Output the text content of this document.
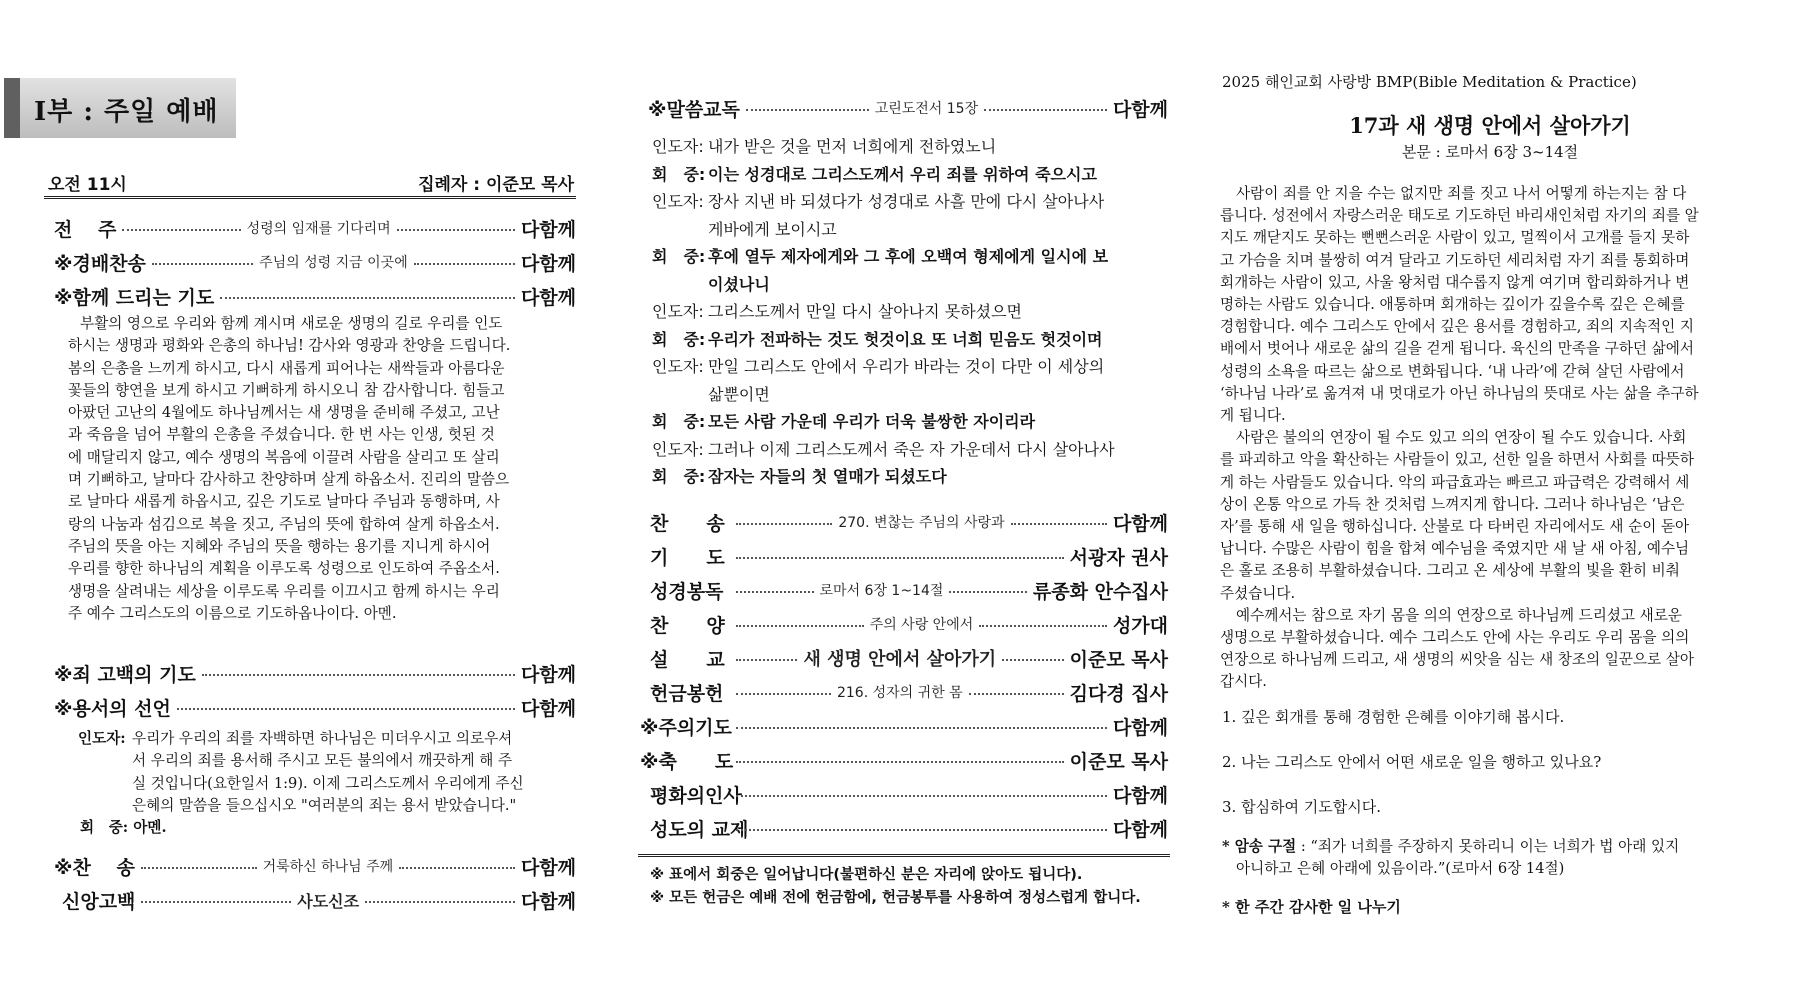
I부 : 주일 예배
오전 11시	집례자 : 이준모 목사
전　 주	성령의 임재를 기다리며	다함께
※경배찬송	주님의 성령 지금 이곳에	다함께
※함께 드리는 기도	다함께
부활의 영으로 우리와 함께 계시며 새로운 생명의 길로 우리를 인도
하시는 생명과 평화와 은총의 하나님! 감사와 영광과 찬양을 드립니다.
봄의 은총을 느끼게 하시고, 다시 새롭게 피어나는 새싹들과 아름다운
꽃들의 향연을 보게 하시고 기뻐하게 하시오니 참 감사합니다. 힘들고
아팠던 고난의 4월에도 하나님께서는 새 생명을 준비해 주셨고, 고난
과 죽음을 넘어 부활의 은총을 주셨습니다. 한 번 사는 인생, 헛된 것
에 매달리지 않고, 예수 생명의 복음에 이끌려 사람을 살리고 또 살리
며 기뻐하고, 날마다 감사하고 찬양하며 살게 하옵소서. 진리의 말씀으
로 날마다 새롭게 하옵시고, 깊은 기도로 날마다 주님과 동행하며, 사
랑의 나눔과 섬김으로 복을 짓고, 주님의 뜻에 합하여 살게 하옵소서.
주님의 뜻을 아는 지혜와 주님의 뜻을 행하는 용기를 지니게 하시어
우리를 향한 하나님의 계획을 이루도록 성령으로 인도하여 주옵소서.
생명을 살려내는 세상을 이루도록 우리를 이끄시고 함께 하시는 우리
주 예수 그리스도의 이름으로 기도하옵나이다. 아멘.
※죄 고백의 기도	다함께
※용서의 선언	다함께
인도자: 우리가 우리의 죄를 자백하면 하나님은 미더우시고 의로우셔
서 우리의 죄를 용서해 주시고 모든 불의에서 깨끗하게 해 주
실 것입니다(요한일서 1:9). 이제 그리스도께서 우리에게 주신
은혜의 말씀을 들으십시오 "여러분의 죄는 용서 받았습니다."
회　중: 아멘.
※찬　 송	거룩하신 하나님 주께	다함께
신앙고백	사도신조	다함께
※말씀교독	고린도전서 15장	다함께
인도자: 내가 받은 것을 먼저 너희에게 전하였노니
회　중: 이는 성경대로 그리스도께서 우리 죄를 위하여 죽으시고
인도자: 장사 지낸 바 되셨다가 성경대로 사흘 만에 다시 살아나사
게바에게 보이시고
회　중: 후에 열두 제자에게와 그 후에 오백여 형제에게 일시에 보
이셨나니
인도자: 그리스도께서 만일 다시 살아나지 못하셨으면
회　중: 우리가 전파하는 것도 헛것이요 또 너희 믿음도 헛것이며
인도자: 만일 그리스도 안에서 우리가 바라는 것이 다만 이 세상의
삶뿐이면
회　중: 모든 사람 가운데 우리가 더욱 불쌍한 자이리라
인도자: 그러나 이제 그리스도께서 죽은 자 가운데서 다시 살아나사
회　중: 잠자는 자들의 첫 열매가 되셨도다
찬　　송	270. 변찮는 주님의 사랑과	다함께
기　　도	서광자 권사
성경봉독	로마서 6장 1~14절	류종화 안수집사
찬　　양	주의 사랑 안에서	성가대
설　　교	새 생명 안에서 살아가기	이준모 목사
헌금봉헌	216. 성자의 귀한 몸	김다경 집사
※주의기도	다함께
※축　　도	이준모 목사
평화의인사	다함께
성도의 교제	다함께
※ 표에서 회중은 일어납니다(불편하신 분은 자리에 앉아도 됩니다).
※ 모든 헌금은 예배 전에 헌금함에, 헌금봉투를 사용하여 정성스럽게 합니다.
2025 해인교회 사랑방 BMP(Bible Meditation & Practice)
17과 새 생명 안에서 살아가기
본문 : 로마서 6장 3~14절
사람이 죄를 안 지을 수는 없지만 죄를 짓고 나서 어떻게 하는지는 참 다
릅니다. 성전에서 자랑스러운 태도로 기도하던 바리새인처럼 자기의 죄를 알
지도 깨닫지도 못하는 뻔뻔스러운 사람이 있고, 멀찍이서 고개를 들지 못하
고 가슴을 치며 불쌍히 여겨 달라고 기도하던 세리처럼 자기 죄를 통회하며
회개하는 사람이 있고, 사울 왕처럼 대수롭지 않게 여기며 합리화하거나 변
명하는 사람도 있습니다. 애통하며 회개하는 깊이가 깊을수록 깊은 은혜를
경험합니다. 예수 그리스도 안에서 깊은 용서를 경험하고, 죄의 지속적인 지
배에서 벗어나 새로운 삶의 길을 걷게 됩니다. 육신의 만족을 구하던 삶에서
성령의 소욕을 따르는 삶으로 변화됩니다. ‘내 나라’에 갇혀 살던 사람에서
‘하나님 나라’로 옮겨져 내 멋대로가 아닌 하나님의 뜻대로 사는 삶을 추구하
게 됩니다.
사람은 불의의 연장이 될 수도 있고 의의 연장이 될 수도 있습니다. 사회
를 파괴하고 악을 확산하는 사람들이 있고, 선한 일을 하면서 사회를 따뜻하
게 하는 사람들도 있습니다. 악의 파급효과는 빠르고 파급력은 강력해서 세
상이 온통 악으로 가득 찬 것처럼 느껴지게 합니다. 그러나 하나님은 ‘남은
자’를 통해 새 일을 행하십니다. 산불로 다 타버린 자리에서도 새 순이 돋아
납니다. 수많은 사람이 힘을 합쳐 예수님을 죽였지만 새 날 새 아침, 예수님
은 홀로 조용히 부활하셨습니다. 그리고 온 세상에 부활의 빛을 환히 비춰
주셨습니다.
예수께서는 참으로 자기 몸을 의의 연장으로 하나님께 드리셨고 새로운
생명으로 부활하셨습니다. 예수 그리스도 안에 사는 우리도 우리 몸을 의의
연장으로 하나님께 드리고, 새 생명의 씨앗을 심는 새 창조의 일꾼으로 살아
갑시다.
1. 깊은 회개를 통해 경험한 은혜를 이야기해 봅시다.
2. 나는 그리스도 안에서 어떤 새로운 일을 행하고 있나요?
3. 합심하여 기도합시다.
* 암송 구절 : “죄가 너희를 주장하지 못하리니 이는 너희가 법 아래 있지
아니하고 은혜 아래에 있음이라.”(로마서 6장 14절)
* 한 주간 감사한 일 나누기
